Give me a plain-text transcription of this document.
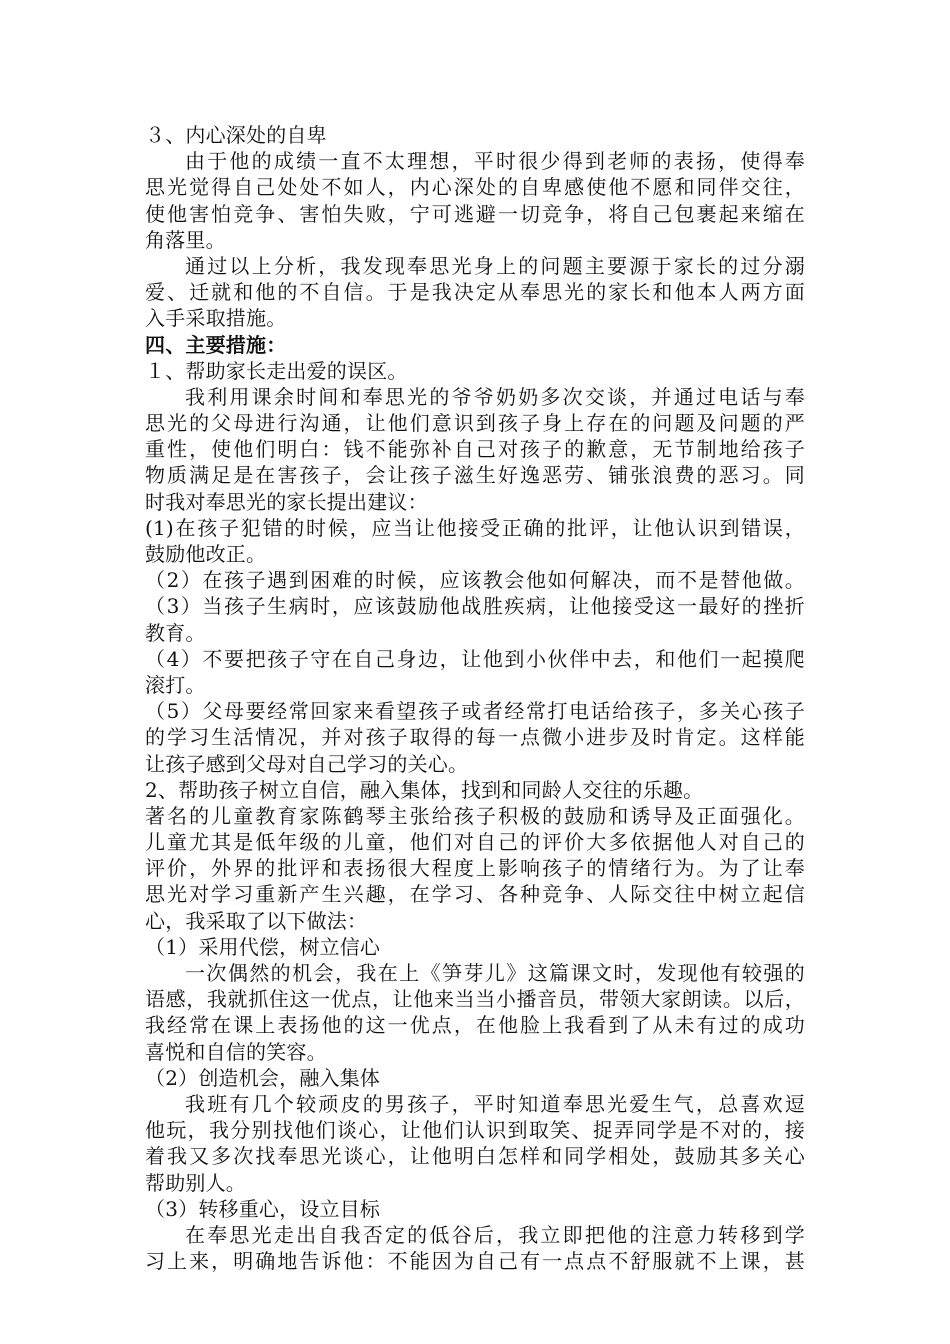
３、内心深处的自卑
由于他的成绩一直不太理想，平时很少得到老师的表扬，使得奉
思光觉得自己处处不如人，内心深处的自卑感使他不愿和同伴交往，
使他害怕竞争、害怕失败，宁可逃避一切竞争，将自己包裹起来缩在
角落里。
通过以上分析，我发现奉思光身上的问题主要源于家长的过分溺
爱、迁就和他的不自信。于是我决定从奉思光的家长和他本人两方面
入手采取措施。
四、主要措施：
１、帮助家长走出爱的误区。
我利用课余时间和奉思光的爷爷奶奶多次交谈，并通过电话与奉
思光的父母进行沟通，让他们意识到孩子身上存在的问题及问题的严
重性，使他们明白：钱不能弥补自己对孩子的歉意，无节制地给孩子
物质满足是在害孩子，会让孩子滋生好逸恶劳、铺张浪费的恶习。同
时我对奉思光的家长提出建议：
(1)在孩子犯错的时候，应当让他接受正确的批评，让他认识到错误，
鼓励他改正。
（2）在孩子遇到困难的时候，应该教会他如何解决，而不是替他做。
（3）当孩子生病时，应该鼓励他战胜疾病，让他接受这一最好的挫折
教育。
（4）不要把孩子守在自己身边，让他到小伙伴中去，和他们一起摸爬
滚打。
（5）父母要经常回家来看望孩子或者经常打电话给孩子，多关心孩子
的学习生活情况，并对孩子取得的每一点微小进步及时肯定。这样能
让孩子感到父母对自己学习的关心。
2、帮助孩子树立自信，融入集体，找到和同龄人交往的乐趣。
著名的儿童教育家陈鹤琴主张给孩子积极的鼓励和诱导及正面强化。
儿童尤其是低年级的儿童，他们对自己的评价大多依据他人对自己的
评价，外界的批评和表扬很大程度上影响孩子的情绪行为。为了让奉
思光对学习重新产生兴趣，在学习、各种竞争、人际交往中树立起信
心，我采取了以下做法：
（1）采用代偿，树立信心
一次偶然的机会，我在上《笋芽儿》这篇课文时，发现他有较强的
语感，我就抓住这一优点，让他来当当小播音员，带领大家朗读。以后，
我经常在课上表扬他的这一优点，在他脸上我看到了从未有过的成功
喜悦和自信的笑容。
（2）创造机会，融入集体
我班有几个较顽皮的男孩子，平时知道奉思光爱生气，总喜欢逗
他玩，我分别找他们谈心，让他们认识到取笑、捉弄同学是不对的，接
着我又多次找奉思光谈心，让他明白怎样和同学相处，鼓励其多关心
帮助别人。
（3）转移重心，设立目标
在奉思光走出自我否定的低谷后，我立即把他的注意力转移到学
习上来，明确地告诉他：不能因为自己有一点点不舒服就不上课，甚
